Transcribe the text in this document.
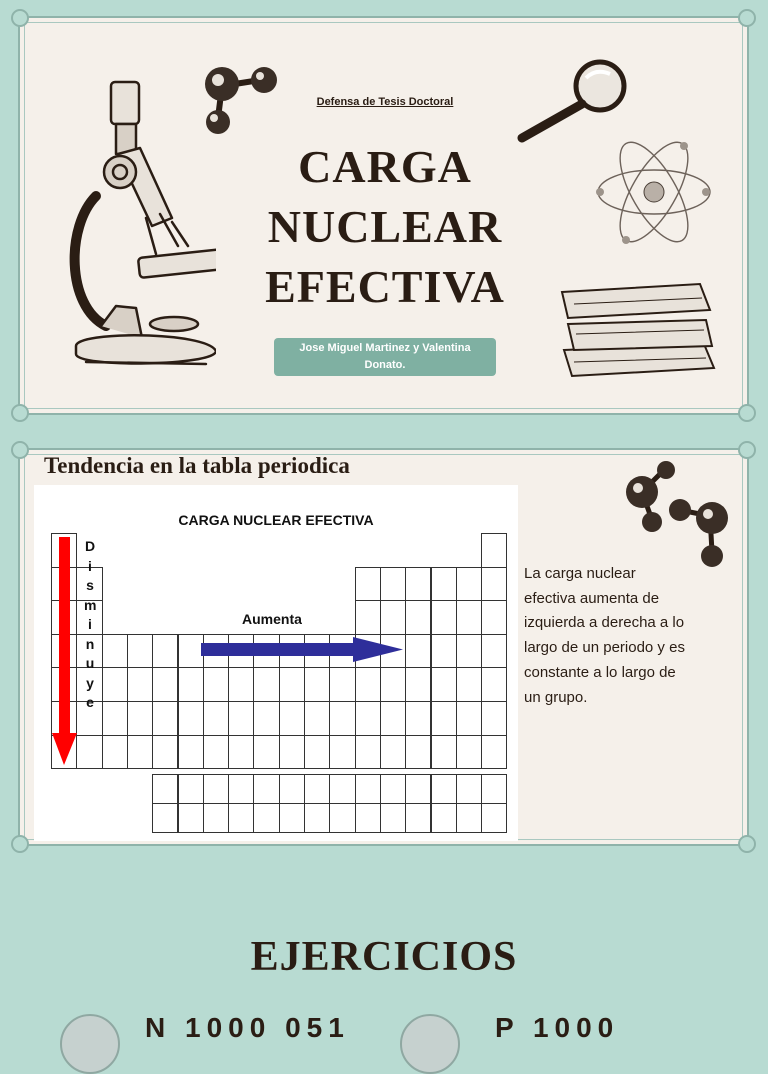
Defensa de Tesis Doctoral
CARGA
NUCLEAR
EFECTIVA
Jose Miguel Martinez y Valentina
Donato.
Tendencia en la tabla periodica
CARGA NUCLEAR EFECTIVA
D
i
s
m
i
n
u
y
e
Aumenta
La carga nuclear
efectiva aumenta de
izquierda a derecha a lo
largo de un periodo y es
constante a lo largo de
un grupo.
EJERCICIOS
N 1000 051	P 1000
